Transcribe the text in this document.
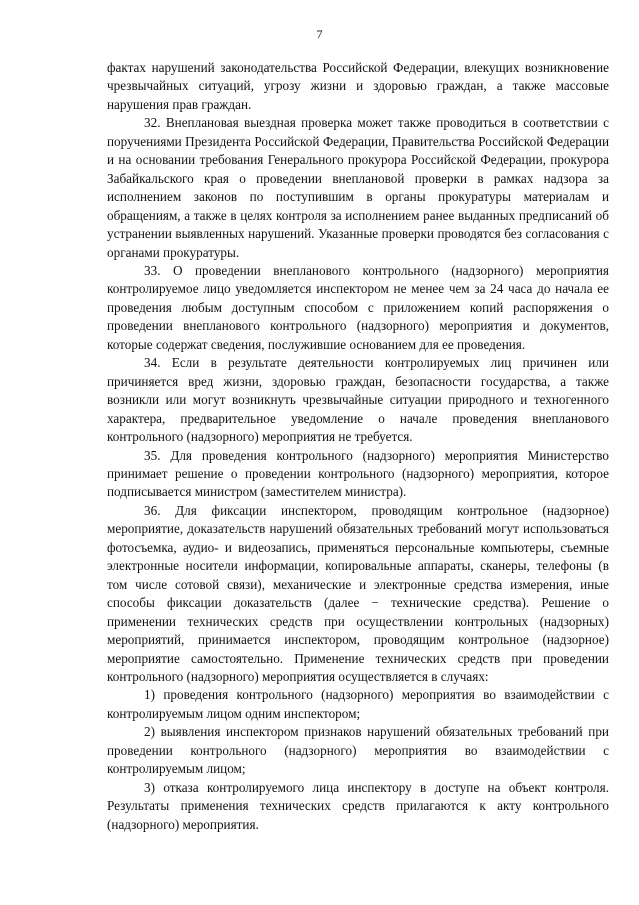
7

фактах нарушений законодательства Российской Федерации, влекущих возникновение чрезвычайных ситуаций, угрозу жизни и здоровью граждан, а также массовые нарушения прав граждан.

32. Внеплановая выездная проверка может также проводиться в соответствии с поручениями Президента Российской Федерации, Правительства Российской Федерации и на основании требования Генерального прокурора Российской Федерации, прокурора Забайкальского края о проведении внеплановой проверки в рамках надзора за исполнением законов по поступившим в органы прокуратуры материалам и обращениям, а также в целях контроля за исполнением ранее выданных предписаний об устранении выявленных нарушений. Указанные проверки проводятся без согласования с органами прокуратуры.

33. О проведении внепланового контрольного (надзорного) мероприятия контролируемое лицо уведомляется инспектором не менее чем за 24 часа до начала ее проведения любым доступным способом с приложением копий распоряжения о проведении внепланового контрольного (надзорного) мероприятия и документов, которые содержат сведения, послужившие основанием для ее проведения.

34. Если в результате деятельности контролируемых лиц причинен или причиняется вред жизни, здоровью граждан, безопасности государства, а также возникли или могут возникнуть чрезвычайные ситуации природного и техногенного характера, предварительное уведомление о начале проведения внепланового контрольного (надзорного) мероприятия не требуется.

35. Для проведения контрольного (надзорного) мероприятия Министерство принимает решение о проведении контрольного (надзорного) мероприятия, которое подписывается министром (заместителем министра).

36. Для фиксации инспектором, проводящим контрольное (надзорное) мероприятие, доказательств нарушений обязательных требований могут использоваться фотосъемка, аудио- и видеозапись, применяться персональные компьютеры, съемные электронные носители информации, копировальные аппараты, сканеры, телефоны (в том числе сотовой связи), механические и электронные средства измерения, иные способы фиксации доказательств (далее − технические средства). Решение о применении технических средств при осуществлении контрольных (надзорных) мероприятий, принимается инспектором, проводящим контрольное (надзорное) мероприятие самостоятельно. Применение технических средств при проведении контрольного (надзорного) мероприятия осуществляется в случаях:

1) проведения контрольного (надзорного) мероприятия во взаимодействии с контролируемым лицом одним инспектором;

2) выявления инспектором признаков нарушений обязательных требований при проведении контрольного (надзорного) мероприятия во взаимодействии с контролируемым лицом;

3) отказа контролируемого лица инспектору в доступе на объект контроля. Результаты применения технических средств прилагаются к акту контрольного (надзорного) мероприятия.
